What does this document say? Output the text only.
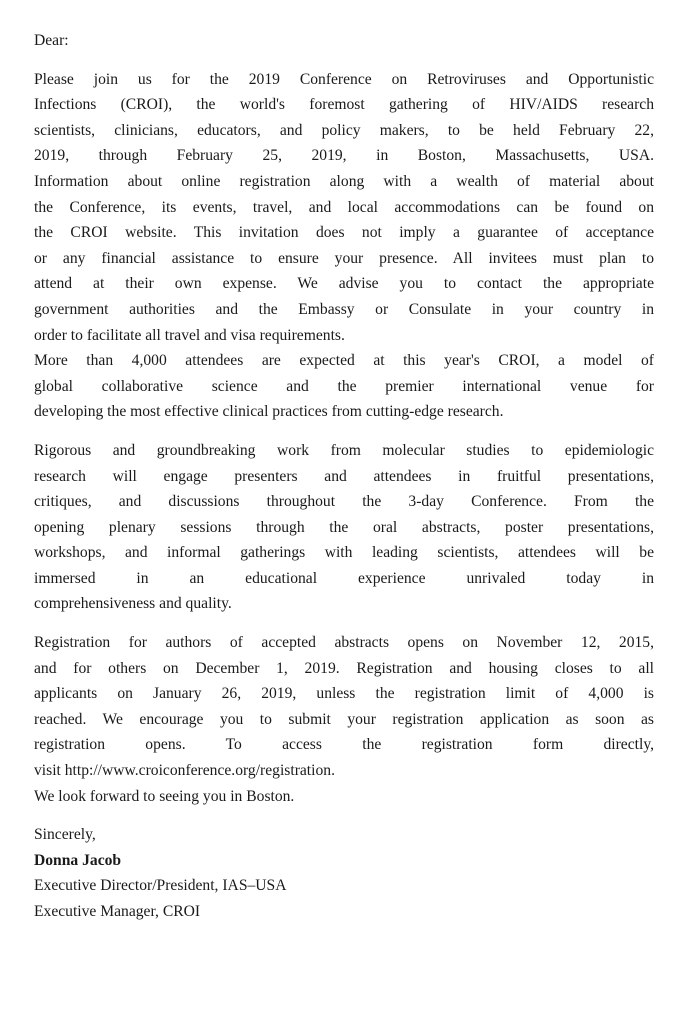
Dear:
Please join us for the 2019 Conference on Retroviruses and Opportunistic
Infections (CROI), the world's foremost gathering of HIV/AIDS research
scientists, clinicians, educators, and policy makers, to be held February 22,
2019, through February 25, 2019, in Boston, Massachusetts, USA.
Information about online registration along with a wealth of material about
the Conference, its events, travel, and local accommodations can be found on
the CROI website. This invitation does not imply a guarantee of acceptance
or any financial assistance to ensure your presence. All invitees must plan to
attend at their own expense. We advise you to contact the appropriate
government authorities and the Embassy or Consulate in your country in
order to facilitate all travel and visa requirements.
More than 4,000 attendees are expected at this year's CROI, a model of
global collaborative science and the premier international venue for
developing the most effective clinical practices from cutting-edge research.
Rigorous and groundbreaking work from molecular studies to epidemiologic
research will engage presenters and attendees in fruitful presentations,
critiques, and discussions throughout the 3-day Conference. From the
opening plenary sessions through the oral abstracts, poster presentations,
workshops, and informal gatherings with leading scientists, attendees will be
immersed in an educational experience unrivaled today in
comprehensiveness and quality.
Registration for authors of accepted abstracts opens on November 12, 2015,
and for others on December 1, 2019. Registration and housing closes to all
applicants on January 26, 2019, unless the registration limit of 4,000 is
reached. We encourage you to submit your registration application as soon as
registration opens. To access the registration form directly,
visit http://www.croiconference.org/registration.
We look forward to seeing you in Boston.
Sincerely,
Donna Jacob
Executive Director/President, IAS–USA
Executive Manager, CROI
